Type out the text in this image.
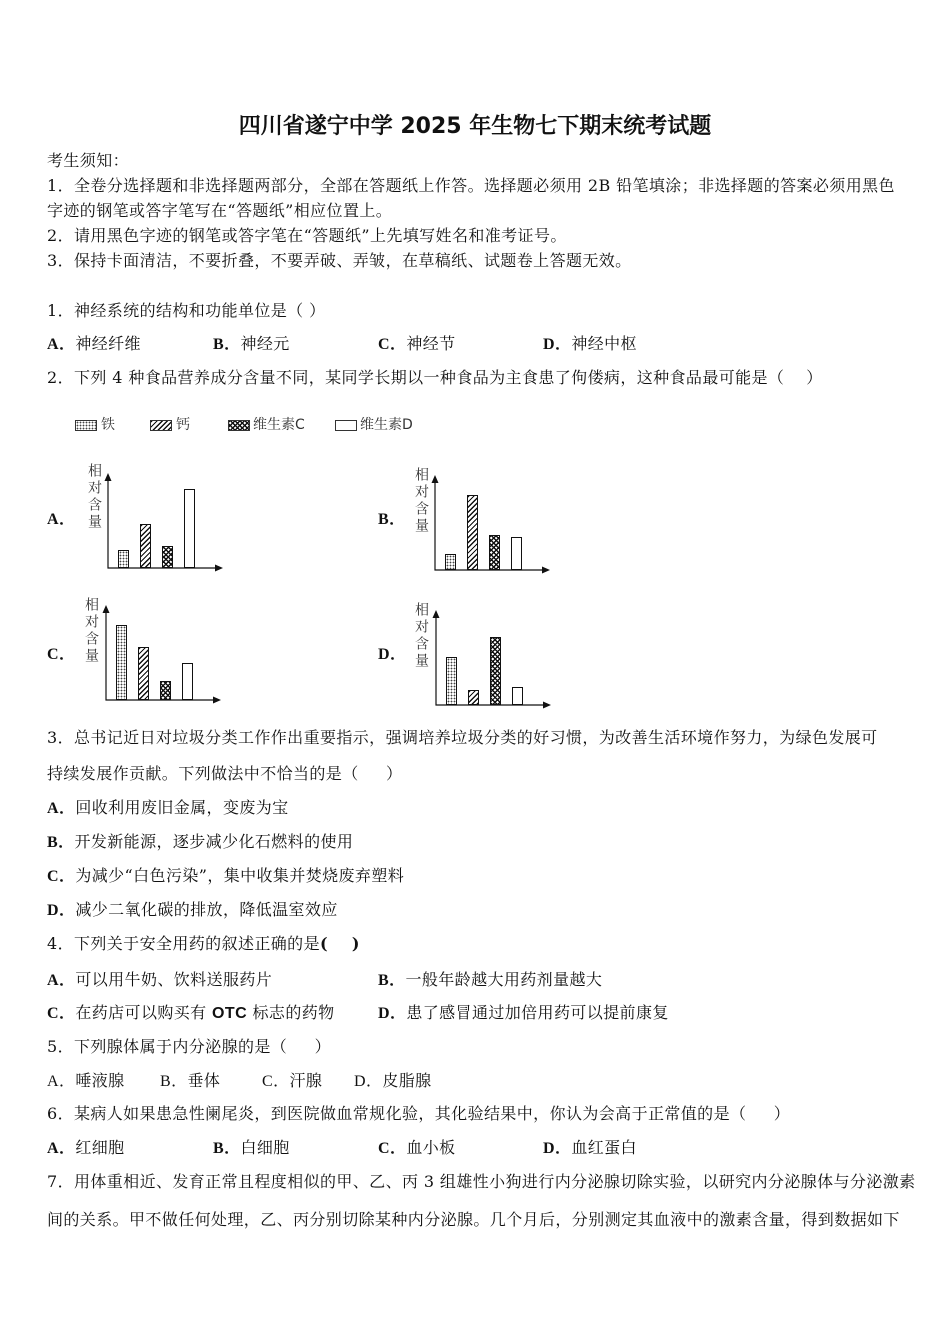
四川省遂宁中学 2025 年生物七下期末统考试题
考生须知：
1．全卷分选择题和非选择题两部分，全部在答题纸上作答。选择题必须用 2B 铅笔填涂；非选择题的答案必须用黑色
字迹的钢笔或答字笔写在“答题纸”相应位置上。
2．请用黑色字迹的钢笔或答字笔在“答题纸”上先填写姓名和准考证号。
3．保持卡面清洁，不要折叠，不要弄破、弄皱，在草稿纸、试题卷上答题无效。
1．神经系统的结构和功能单位是（ ）
A．神经纤维	B．神经元	C．神经节	D．神经中枢
2．下列 4 种食品营养成分含量不同，某同学长期以一种食品为主食患了佝偻病，这种食品最可能是（    ）
铁	钙	维生素C	维生素D
A．	B．
C．	D．
相对含量	相对含量
相对含量	相对含量
3．总书记近日对垃圾分类工作作出重要指示，强调培养垃圾分类的好习惯，为改善生活环境作努力，为绿色发展可
持续发展作贡献。下列做法中不恰当的是（     ）
A．回收利用废旧金属，变废为宝
B．开发新能源，逐步减少化石燃料的使用
C．为减少“白色污染”，集中收集并焚烧废弃塑料
D．减少二氧化碳的排放，降低温室效应
4．下列关于安全用药的叙述正确的是(    )
A．可以用牛奶、饮料送服药片	B．一般年龄越大用药剂量越大
C．在药店可以购买有 OTC 标志的药物	D．患了感冒通过加倍用药可以提前康复
5．下列腺体属于内分泌腺的是（     ）
A．唾液腺 B．垂体	C．汗腺 D．皮脂腺
6．某病人如果患急性阑尾炎，到医院做血常规化验，其化验结果中，你认为会高于正常值的是（     ）
A．红细胞	B．白细胞	C．血小板	D．血红蛋白
7．用体重相近、发育正常且程度相似的甲、乙、丙 3 组雄性小狗进行内分泌腺切除实验，以研究内分泌腺体与分泌激素
间的关系。甲不做任何处理，乙、丙分别切除某种内分泌腺。几个月后，分别测定其血液中的激素含量，得到数据如下
